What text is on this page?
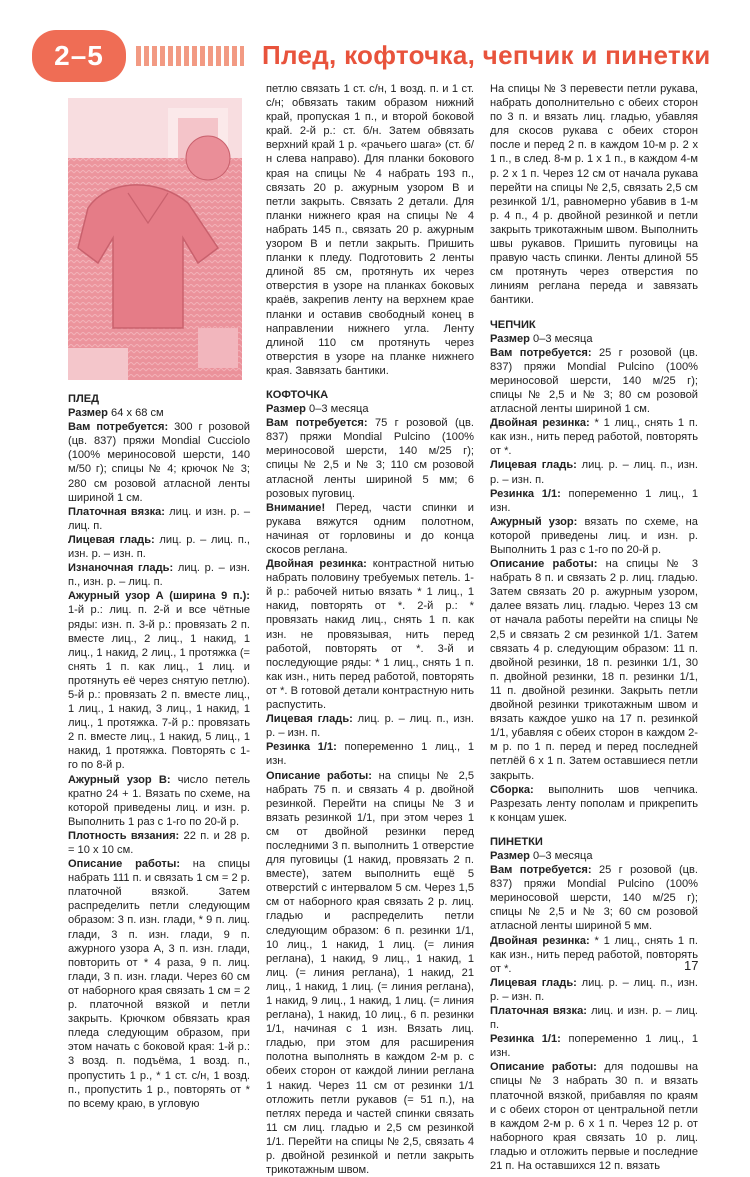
2–5	Плед, кофточка, чепчик и пинетки

ПЛЕД

Размер 64 х 68 см

Вам потребуется: 300 г розовой (цв. 837) пряжи Mondial Cucciolo (100% мериносовой шерсти, 140 м/50 г); спицы № 4; крючок № 3; 280 см розовой атласной ленты шириной 1 см.

Платочная вязка: лиц. и изн. р. – лиц. п.

Лицевая гладь: лиц. р. – лиц. п., изн. р. – изн. п.

Изнаночная гладь: лиц. р. – изн. п., изн. р. – лиц. п.

Ажурный узор А (ширина 9 п.): 1-й р.: лиц. п. 2-й и все чётные ряды: изн. п. 3-й р.: провязать 2 п. вместе лиц., 2 лиц., 1 накид, 1 лиц., 1 накид, 2 лиц., 1 протяжка (= снять 1 п. как лиц., 1 лиц. и протянуть её через снятую петлю). 5-й р.: провязать 2 п. вместе лиц., 1 лиц., 1 накид, 3 лиц., 1 накид, 1 лиц., 1 протяжка. 7-й р.: провязать 2 п. вместе лиц., 1 накид, 5 лиц., 1 накид, 1 протяжка. Повторять с 1-го по 8-й р.

Ажурный узор В: число петель кратно 24 + 1. Вязать по схеме, на которой приведены лиц. и изн. р. Выполнить 1 раз с 1-го по 20-й р.

Плотность вязания: 22 п. и 28 р. = 10 х 10 см.

Описание работы: на спицы набрать 111 п. и связать 1 см = 2 р. платочной вязкой. Затем распределить петли следующим образом: 3 п. изн. глади, * 9 п. лиц. глади, 3 п. изн. глади, 9 п. ажурного узора А, 3 п. изн. глади, повторить от * 4 раза, 9 п. лиц. глади, 3 п. изн. глади. Через 60 см от наборного края связать 1 см = 2 р. платочной вязкой и петли закрыть. Крючком обвязать края пледа следующим образом, при этом начать с боковой края: 1-й р.: 3 возд. п. подъёма, 1 возд. п., пропустить 1 р., * 1 ст. с/н, 1 возд. п., пропустить 1 р., повторять от * по всему краю, в угловую

петлю связать 1 ст. с/н, 1 возд. п. и 1 ст. с/н; обвязать таким образом нижний край, пропуская 1 п., и второй боковой край. 2-й р.: ст. б/н. Затем обвязать верхний край 1 р. «рачьего шага» (ст. б/н слева направо). Для планки бокового края на спицы № 4 набрать 193 п., связать 20 р. ажурным узором В и петли закрыть. Связать 2 детали. Для планки нижнего края на спицы № 4 набрать 145 п., связать 20 р. ажурным узором В и петли закрыть. Пришить планки к пледу. Подготовить 2 ленты длиной 85 см, протянуть их через отверстия в узоре на планках боковых краёв, закрепив ленту на верхнем крае планки и оставив свободный конец в направлении нижнего угла. Ленту длиной 110 см протянуть через отверстия в узоре на планке нижнего края. Завязать бантики.

КОФТОЧКА

Размер 0–3 месяца

Вам потребуется: 75 г розовой (цв. 837) пряжи Mondial Pulcino (100% мериносовой шерсти, 140 м/25 г); спицы № 2,5 и № 3; 110 см розовой атласной ленты шириной 5 мм; 6 розовых пуговиц.

Внимание! Перед, части спинки и рукава вяжутся одним полотном, начиная от горловины и до конца скосов реглана.

Двойная резинка: контрастной нитью набрать половину требуемых петель. 1-й р.: рабочей нитью вязать * 1 лиц., 1 накид, повторять от *. 2-й р.: * провязать накид лиц., снять 1 п. как изн. не провязывая, нить перед работой, повторять от *. 3-й и последующие ряды: * 1 лиц., снять 1 п. как изн., нить перед работой, повторять от *. В готовой детали контрастную нить распустить.

Лицевая гладь: лиц. р. – лиц. п., изн. р. – изн. п.

Резинка 1/1: попеременно 1 лиц., 1 изн.

Описание работы: на спицы № 2,5 набрать 75 п. и связать 4 р. двойной резинкой. Перейти на спицы № 3 и вязать резинкой 1/1, при этом через 1 см от двойной резинки перед последними 3 п. выполнить 1 отверстие для пуговицы (1 накид, провязать 2 п. вместе), затем выполнить ещё 5 отверстий с интервалом 5 см. Через 1,5 см от наборного края связать 2 р. лиц. гладью и распределить петли следующим образом: 6 п. резинки 1/1, 10 лиц., 1 накид, 1 лиц. (= линия реглана), 1 накид, 9 лиц., 1 накид, 1 лиц. (= линия реглана), 1 накид, 21 лиц., 1 накид, 1 лиц. (= линия реглана), 1 накид, 9 лиц., 1 накид, 1 лиц. (= линия реглана), 1 накид, 10 лиц., 6 п. резинки 1/1, начиная с 1 изн. Вязать лиц. гладью, при этом для расширения полотна выполнять в каждом 2-м р. с обеих сторон от каждой линии реглана 1 накид. Через 11 см от резинки 1/1 отложить петли рукавов (= 51 п.), на петлях переда и частей спинки связать 11 см лиц. гладью и 2,5 см резинкой 1/1. Перейти на спицы № 2,5, связать 4 р. двойной резинкой и петли закрыть трикотажным швом.

На спицы № 3 перевести петли рукава, набрать дополнительно с обеих сторон по 3 п. и вязать лиц. гладью, убавляя для скосов рукава с обеих сторон после и перед 2 п. в каждом 10-м р. 2 х 1 п., в след. 8-м р. 1 х 1 п., в каждом 4-м р. 2 х 1 п. Через 12 см от начала рукава перейти на спицы № 2,5, связать 2,5 см резинкой 1/1, равномерно убавив в 1-м р. 4 п., 4 р. двойной резинкой и петли закрыть трикотажным швом. Выполнить швы рукавов. Пришить пуговицы на правую часть спинки. Ленты длиной 55 см протянуть через отверстия по линиям реглана переда и завязать бантики.

ЧЕПЧИК

Размер 0–3 месяца

Вам потребуется: 25 г розовой (цв. 837) пряжи Mondial Pulcino (100% мериносовой шерсти, 140 м/25 г); спицы № 2,5 и № 3; 80 см розовой атласной ленты шириной 1 см.

Двойная резинка: * 1 лиц., снять 1 п. как изн., нить перед работой, повторять от *.

Лицевая гладь: лиц. р. – лиц. п., изн. р. – изн. п.

Резинка 1/1: попеременно 1 лиц., 1 изн.

Ажурный узор: вязать по схеме, на которой приведены лиц. и изн. р. Выполнить 1 раз с 1-го по 20-й р.

Описание работы: на спицы № 3 набрать 8 п. и связать 2 р. лиц. гладью. Затем связать 20 р. ажурным узором, далее вязать лиц. гладью. Через 13 см от начала работы перейти на спицы № 2,5 и связать 2 см резинкой 1/1. Затем связать 4 р. следующим образом: 11 п. двойной резинки, 18 п. резинки 1/1, 30 п. двойной резинки, 18 п. резинки 1/1, 11 п. двойной резинки. Закрыть петли двойной резинки трикотажным швом и вязать каждое ушко на 17 п. резинкой 1/1, убавляя с обеих сторон в каждом 2-м р. по 1 п. перед и перед последней петлёй 6 х 1 п. Затем оставшиеся петли закрыть.

Сборка: выполнить шов чепчика. Разрезать ленту пополам и прикрепить к концам ушек.

ПИНЕТКИ

Размер 0–3 месяца

Вам потребуется: 25 г розовой (цв. 837) пряжи Mondial Pulcino (100% мериносовой шерсти, 140 м/25 г); спицы № 2,5 и № 3; 60 см розовой атласной ленты шириной 5 мм.

Двойная резинка: * 1 лиц., снять 1 п. как изн., нить перед работой, повторять от *.

Лицевая гладь: лиц. р. – лиц. п., изн. р. – изн. п.

Платочная вязка: лиц. и изн. р. – лиц. п.

Резинка 1/1: попеременно 1 лиц., 1 изн.

Описание работы: для подошвы на спицы № 3 набрать 30 п. и вязать платочной вязкой, прибавляя по краям и с обеих сторон от центральной петли в каждом 2-м р. 6 х 1 п. Через 12 р. от наборного края связать 10 р. лиц. гладью и отложить первые и последние 21 п. На оставшихся 12 п. вязать

17
